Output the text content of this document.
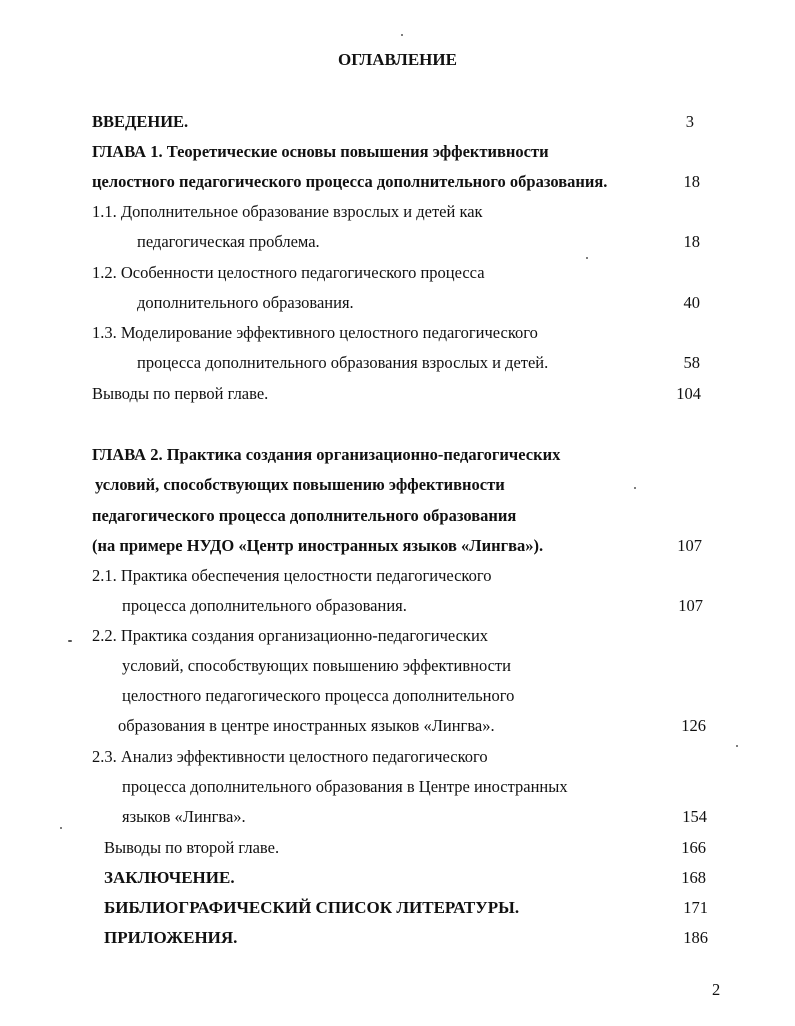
ОГЛАВЛЕНИЕ
ВВЕДЕНИЕ.	3
ГЛАВА 1. Теоретические основы повышения эффективности
целостного педагогического процесса дополнительного образования.	18
1.1. Дополнительное образование взрослых и детей как
педагогическая проблема.	18
1.2. Особенности целостного педагогического процесса
дополнительного образования.	40
1.3. Моделирование эффективного целостного педагогического
процесса дополнительного образования взрослых и детей.	58
Выводы по первой главе.	104
ГЛАВА 2. Практика создания организационно-педагогических
условий, способствующих повышению эффективности
педагогического процесса дополнительного образования
(на примере НУДО «Центр иностранных языков «Лингва»).	107
2.1. Практика обеспечения целостности педагогического
процесса дополнительного образования.	107
2.2. Практика создания организационно-педагогических
условий, способствующих повышению эффективности
целостного педагогического процесса дополнительного
образования в центре иностранных языков «Лингва».	126
2.3. Анализ эффективности целостного педагогического
процесса дополнительного образования в Центре иностранных
языков «Лингва».	154
Выводы по второй главе.	166
ЗАКЛЮЧЕНИЕ.	168
БИБЛИОГРАФИЧЕСКИЙ СПИСОК ЛИТЕРАТУРЫ.	171
ПРИЛОЖЕНИЯ.	186
2
